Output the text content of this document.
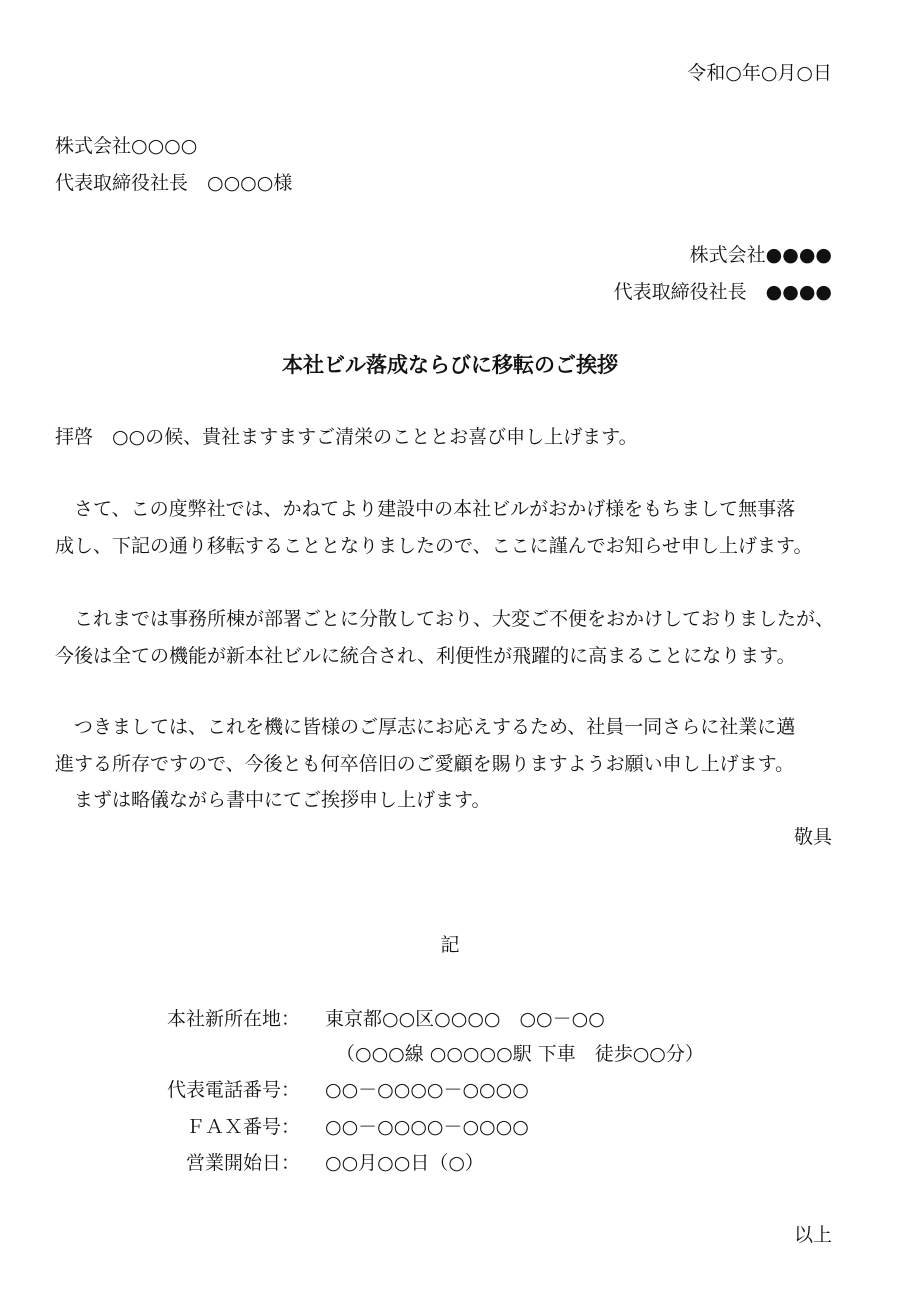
令和○年○月○日
株式会社○○○○
代表取締役社長　○○○○様
株式会社●●●●
代表取締役社長　●●●●
本社ビル落成ならびに移転のご挨拶
拝啓　○○の候、貴社ますますご清栄のこととお喜び申し上げます。
さて、この度弊社では、かねてより建設中の本社ビルがおかげ様をもちまして無事落
成し、下記の通り移転することとなりましたので、ここに謹んでお知らせ申し上げます。
これまでは事務所棟が部署ごとに分散しており、大変ご不便をおかけしておりましたが、
今後は全ての機能が新本社ビルに統合され、利便性が飛躍的に高まることになります。
つきましては、これを機に皆様のご厚志にお応えするため、社員一同さらに社業に邁
進する所存ですので、今後とも何卒倍旧のご愛顧を賜りますようお願い申し上げます。
まずは略儀ながら書中にてご挨拶申し上げます。
敬具
記
本社新所在地： 東京都○○区○○○○　○○－○○
（○○○線 ○○○○○駅 下車　徒歩○○分）
代表電話番号： ○○－○○○○－○○○○
ＦＡＸ番号： ○○－○○○○－○○○○
営業開始日： ○○月○○日（○）
以上
